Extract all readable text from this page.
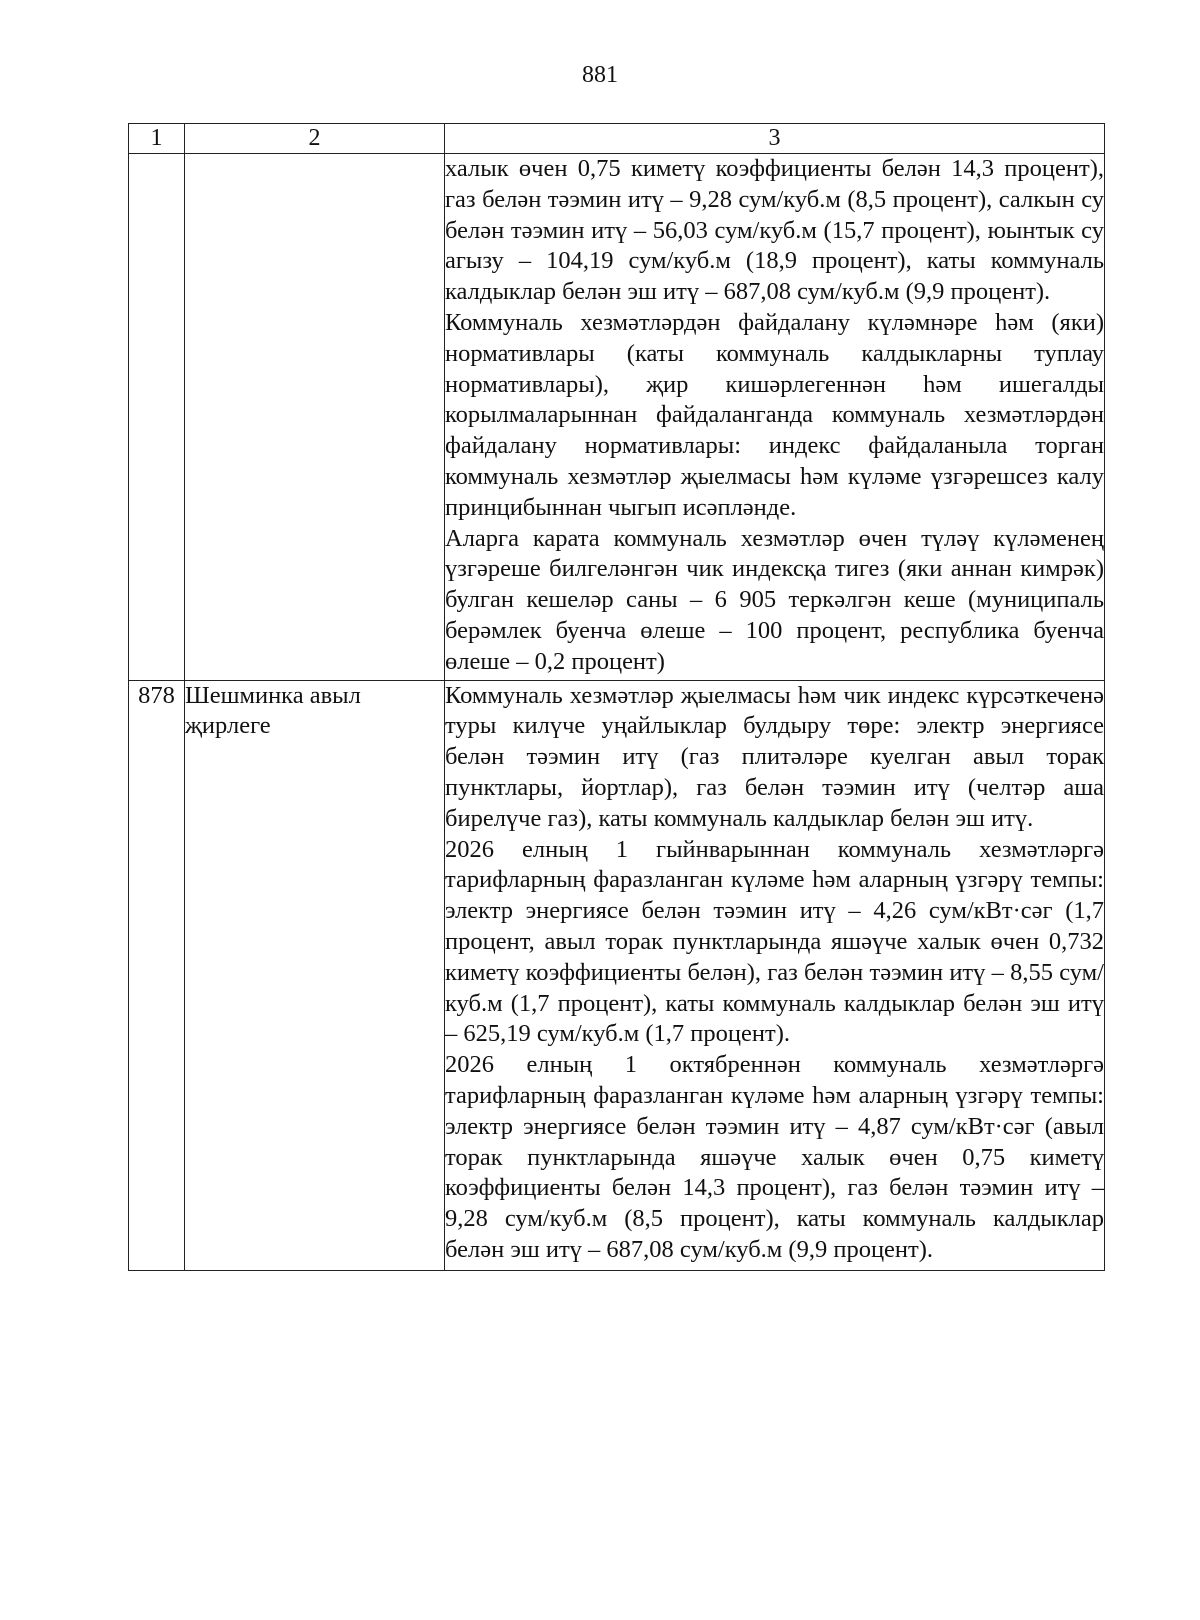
881
1	2	3

		халык өчен 0,75 киметү коэффициенты белән 14,3 процент), газ белән тәэмин итү – 9,28 сум/куб.м (8,5 процент), салкын су белән тәэмин итү – 56,03 сум/куб.м (15,7 процент), юынтык су агызу – 104,19 сум/куб.м (18,9 процент), каты коммуналь калдыклар белән эш итү – 687,08 сум/куб.м (9,9 процент).

Коммуналь хезмәтләрдән файдалану күләмнәре һәм (яки) нормативлары (каты коммуналь калдыкларны туплау нормативлары), җир кишәрлегеннән һәм ишегалды корылмаларыннан файдаланганда коммуналь хезмәтләрдән файдалану нормативлары: индекс файдаланыла торган коммуналь хезмәтләр җыелмасы һәм күләме үзгәрешсез калу принцибыннан чыгып исәпләнде.

Аларга карата коммуналь хезмәтләр өчен түләү күләменең үзгәреше билгеләнгән чик индексқа тигез (яки аннан кимрәк) булган кешеләр саны – 6 905 теркәлгән кеше (муниципаль берәмлек буенча өлеше – 100 процент, республика буенча өлеше – 0,2 процент)

878	Шешминка авыл җирлеге	Коммуналь хезмәтләр җыелмасы һәм чик индекс күрсәткеченә туры килүче уңайлыклар булдыру төре: электр энергиясе белән тәэмин итү (газ плитәләре куелган авыл торак пунктлары, йортлар), газ белән тәэмин итү (челтәр аша бирелүче газ), каты коммуналь калдыклар белән эш итү.

2026 елның 1 гыйнварыннан коммуналь хезмәтләргә тарифларның фаразланган күләме һәм аларның үзгәрү темпы: электр энергиясе белән тәэмин итү – 4,26 сум/кВт·сәг (1,7 процент, авыл торак пунктларында яшәүче халык өчен 0,732 киметү коэффициенты белән), газ белән тәэмин итү – 8,55 сум/куб.м (1,7 процент), каты коммуналь калдыклар белән эш итү – 625,19 сум/куб.м (1,7 процент).

2026 елның 1 октябреннән коммуналь хезмәтләргә тарифларның фаразланган күләме һәм аларның үзгәрү темпы: электр энергиясе белән тәэмин итү – 4,87 сум/кВт·сәг (авыл торак пунктларында яшәүче халык өчен 0,75 киметү коэффициенты белән 14,3 процент), газ белән тәэмин итү – 9,28 сум/куб.м (8,5 процент), каты коммуналь калдыклар белән эш итү – 687,08 сум/куб.м (9,9 процент).
